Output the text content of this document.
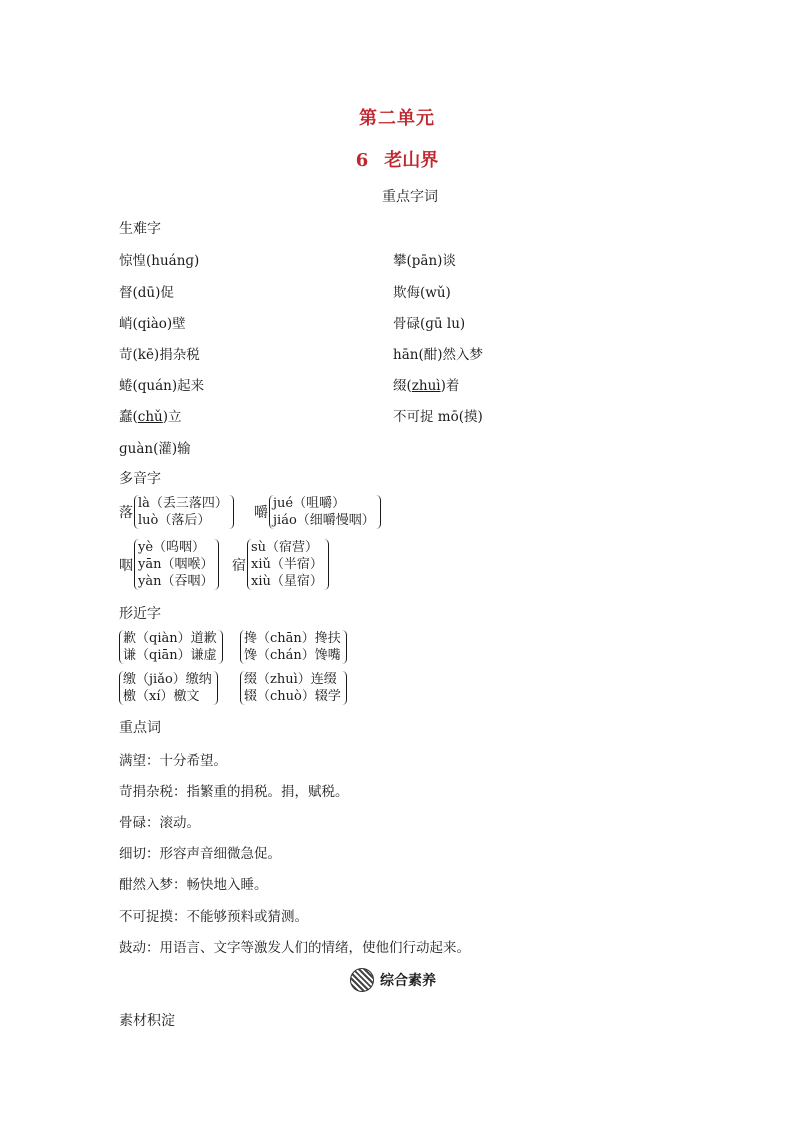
第二单元
6 老山界
重点字词
生难字
惊惶(huánɡ)
督(dū)促
峭(qiào)壁
苛(kē)捐杂税
蜷(quán)起来
蠢(chǔ)立
ɡuàn(灌)输
攀(pān)谈
欺侮(wǔ)
骨碌(ɡū lu)
hān(酣)然入梦
缀(zhuì)着
不可捉 mō(摸)
多音字
落
là（丢三落四）
luò（落后）	嚼
jué（咀嚼）
jiáo（细嚼慢咽）
咽
yè（呜咽）
yān（咽喉）
yàn（吞咽）
宿
sù（宿营）
xiǔ（半宿）
xiù（星宿）
形近字
歉（qiàn）道歉
谦（qiān）谦虚
搀（chān）搀扶
馋（chán）馋嘴
缴（jiǎo）缴纳
檄（xí）檄文
缀（zhuì）连缀
辍（chuò）辍学
重点词
满望：十分希望。
苛捐杂税：指繁重的捐税。捐，赋税。
骨碌：滚动。
细切：形容声音细微急促。
酣然入梦：畅快地入睡。
不可捉摸：不能够预料或猜测。
鼓动：用语言、文字等激发人们的情绪，使他们行动起来。
综合素养
素材积淀
